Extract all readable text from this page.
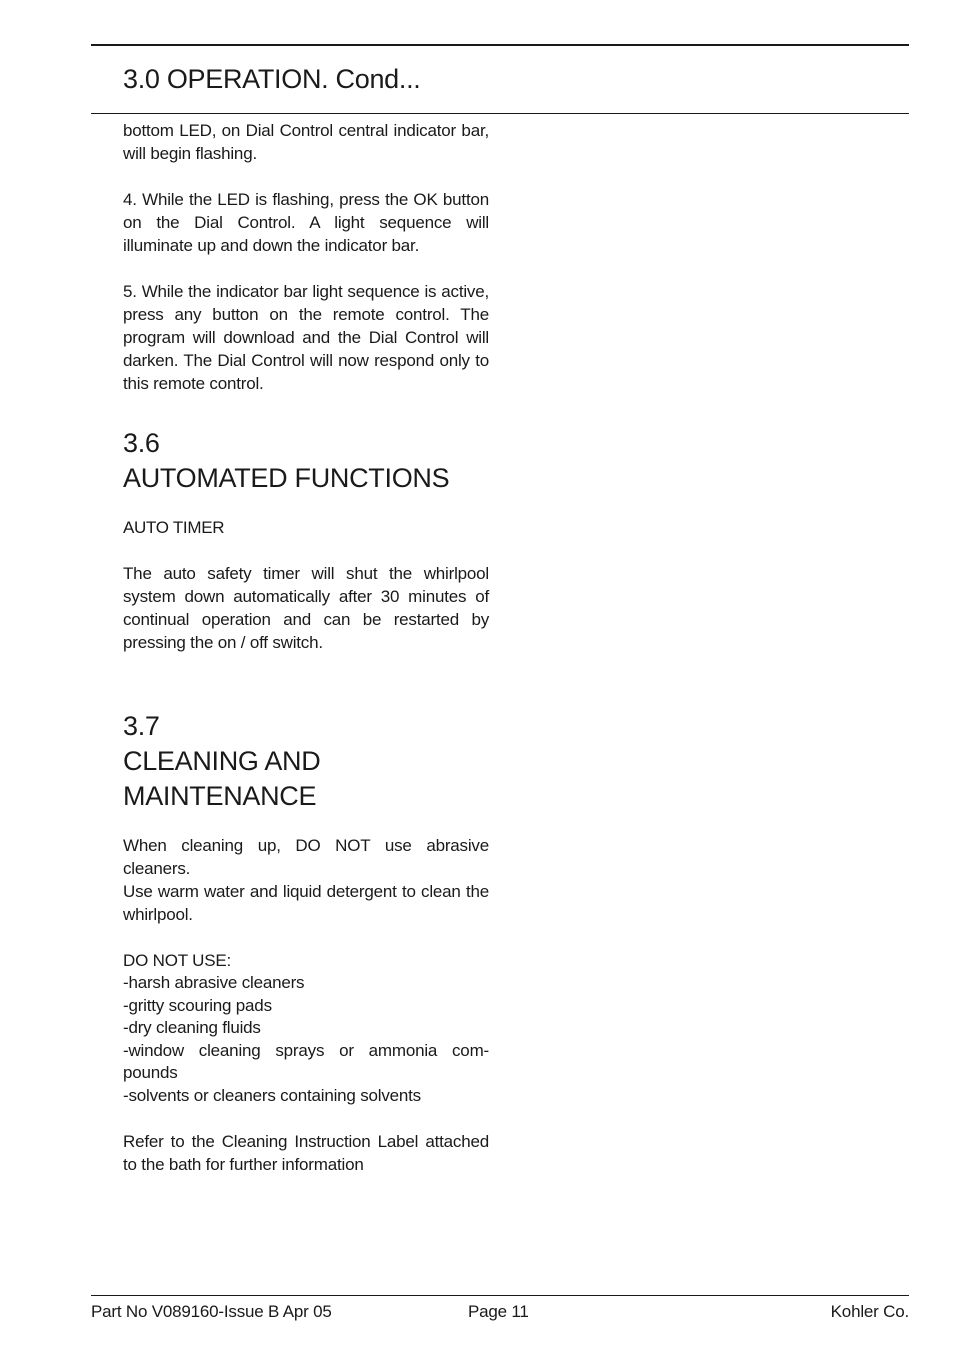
3.0 OPERATION. Cond...

bottom LED, on Dial Control central indicator bar, will begin flashing.

4. While the LED is flashing, press the OK button on the Dial Control. A light sequence will illuminate up and down the indicator bar.

5. While the indicator bar light sequence is active, press any button on the remote control. The program will download and the Dial Control will darken. The Dial Control will now respond only to this remote control.

3.6
AUTOMATED FUNCTIONS

AUTO TIMER

The auto safety timer will shut the whirlpool system down automatically after 30 minutes of continual operation and can be restarted by pressing the on / off switch.

3.7
CLEANING AND
MAINTENANCE

When cleaning up, DO NOT use abrasive cleaners.

Use warm water and liquid detergent to clean the whirlpool.

DO NOT USE:

-harsh abrasive cleaners
-gritty scouring pads
-dry cleaning fluids
-window cleaning sprays or ammonia com-pounds
-solvents or cleaners containing solvents

Refer to the Cleaning Instruction Label attached to the bath for further information

Part No V089160-Issue B Apr 05	Page 11	Kohler Co.
